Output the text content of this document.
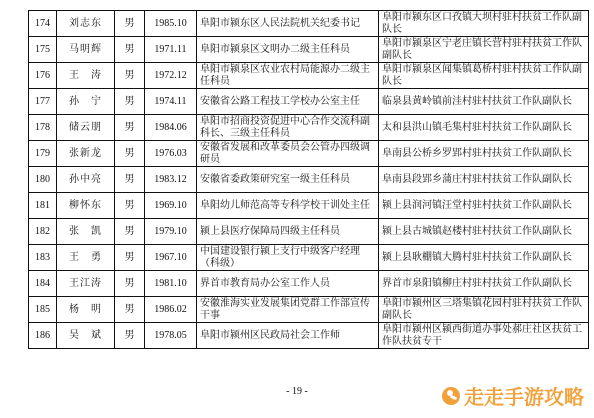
174	刘志东	男	1985.10	阜阳市颍东区人民法院机关纪委书记	阜阳市颍东区口孜镇大坝村驻村扶贫工作队副队长
175	马明辉	男	1971.11	阜阳市颍泉区文明办二级主任科员	阜阳市颍泉区宁老庄镇长营村驻村扶贫工作队副队长
176	王　涛	男	1972.12	阜阳市颍泉区农业农村局能源办二级主任科员	阜阳市颍泉区闻集镇葛桥村驻村扶贫工作队副队长
177	孙　宁	男	1974.11	安徽省公路工程技工学校办公室主任	临泉县黄岭镇前洼村驻村扶贫工作队副队长
178	储云朋	男	1984.06	阜阳市招商投资促进中心合作交流科副科长、三级主任科员	太和县洪山镇毛集村驻村扶贫工作队副队长
179	张新龙	男	1976.03	安徽省发展和改革委员会公管办四级调研员	阜南县公桥乡罗郢村驻村扶贫工作队副队长
180	孙中亮	男	1983.12	安徽省委政策研究室一级主任科员	阜南县段郢乡蒲庄村驻村扶贫工作队副队长
181	柳怀东	男	1969.10	阜阳幼儿师范高等专科学校干训处主任	颍上县润河镇汪堂村驻村扶贫工作队副队长
182	张　凯	男	1979.10	颍上县医疗保障局四级主任科员	颍上县古城镇赵楼村驻村扶贫工作队副队长
183	王　勇	男	1967.10	中国建设银行颍上支行中级客户经理（科级）	颍上县耿棚镇大腾村驻村扶贫工作队副队长
184	王江涛	男	1981.10	界首市教育局办公室工作人员	界首市泉阳镇柳庄村驻村扶贫工作队副队长
185	杨　明	男	1986.02	安徽淮海实业发展集团党群工作部宣传干事	阜阳市颍州区三塔集镇花园村驻村扶贫工作队副队长
186	吴　斌	男	1978.05	阜阳市颍州区民政局社会工作师	阜阳市颍州区颍西街道办事处郝庄社区扶贫工作队扶贫专干
- 19 -	走走手游攻略
